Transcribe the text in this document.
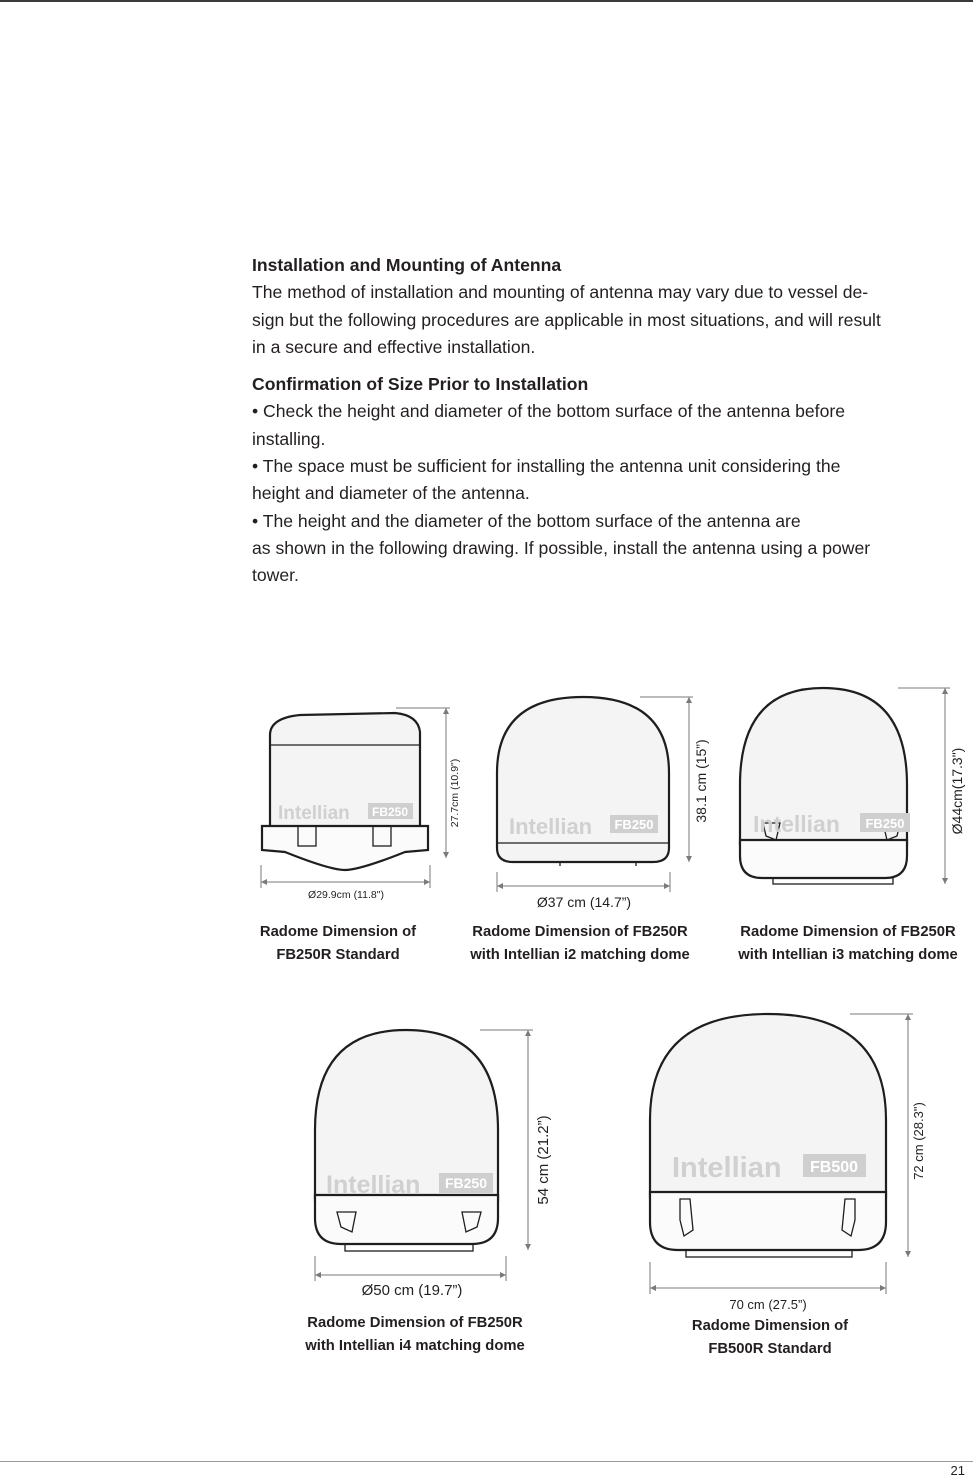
Installation and Mounting of Antenna

The method of installation and mounting of antenna may vary due to vessel de-

sign but the following procedures are applicable in most situations, and will result

in a secure and effective installation.

Confirmation of Size Prior to Installation

• Check the height and diameter of the bottom surface of the antenna before

installing.

• The space must be sufficient for installing the antenna unit considering the

height and diameter of the antenna.

• The height and the diameter of the bottom surface of the antenna are

as shown in the following drawing. If possible, install the antenna using a power

tower.

Intellian FB250	27.7cm (10.9")
Ø29.9cm (11.8")
Radome Dimension of
FB250R Standard
Intellian FB250
38.1 cm (15”)
Ø37 cm (14.7”)
Radome Dimension of FB250R
with Intellian i2 matching dome
Intellian FB250	Ø44cm(17.3")
Radome Dimension of FB250R
with Intellian i3 matching dome
Intellian FB250	54 cm (21.2”)
Ø50 cm (19.7”)
Radome Dimension of FB250R
with Intellian i4 matching dome
Intellian FB500	72 cm (28.3")
70 cm (27.5”)
Radome Dimension of
FB500R Standard
21
